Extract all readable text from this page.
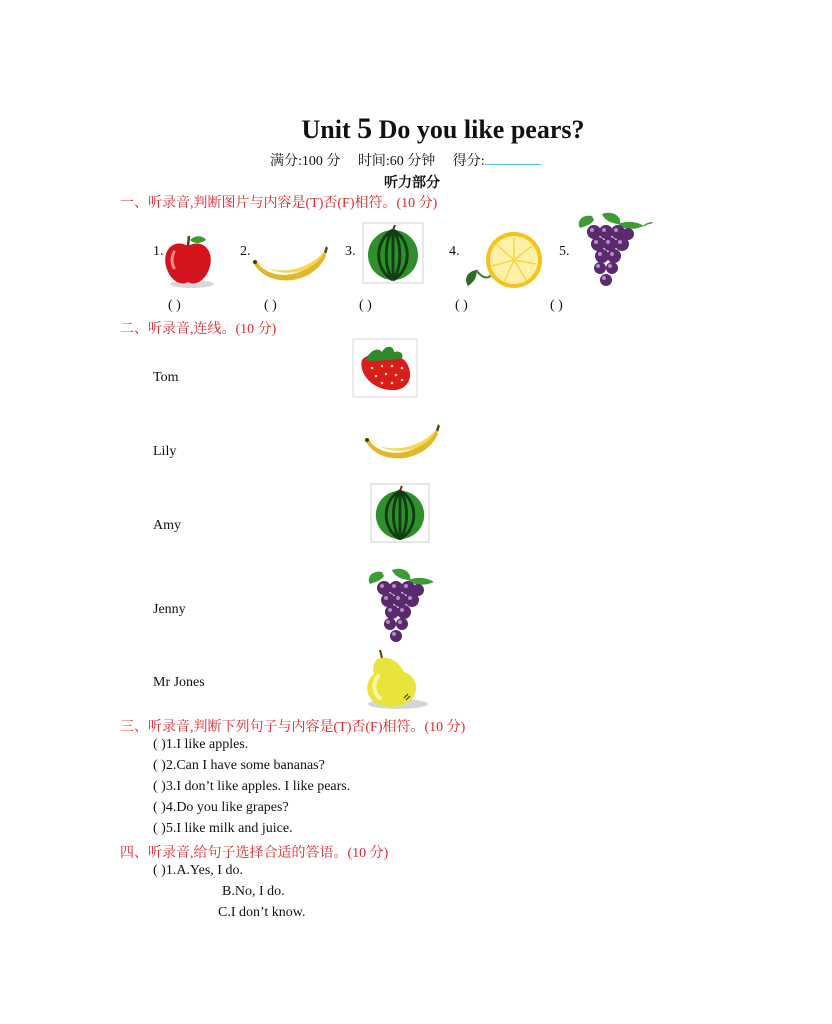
Unit 5 Do you like pears?
满分:100 分 时间:60 分钟 得分:
听力部分
一、听录音,判断图片与内容是(T)否(F)相符。(10 分)
1.	2.	3.	4.	5.
( )	( )	( )	( )	( )
二、听录音,连线。(10 分)
Tom
Lily
Amy
Jenny
Mr Jones
三、听录音,判断下列句子与内容是(T)否(F)相符。(10 分)
( )1.I like apples.
( )2.Can I have some bananas?
( )3.I don’t like apples. I like pears.
( )4.Do you like grapes?
( )5.I like milk and juice.
四、听录音,给句子选择合适的答语。(10 分)
( )1.A.Yes, I do.
B.No, I do.
C.I don’t know.
